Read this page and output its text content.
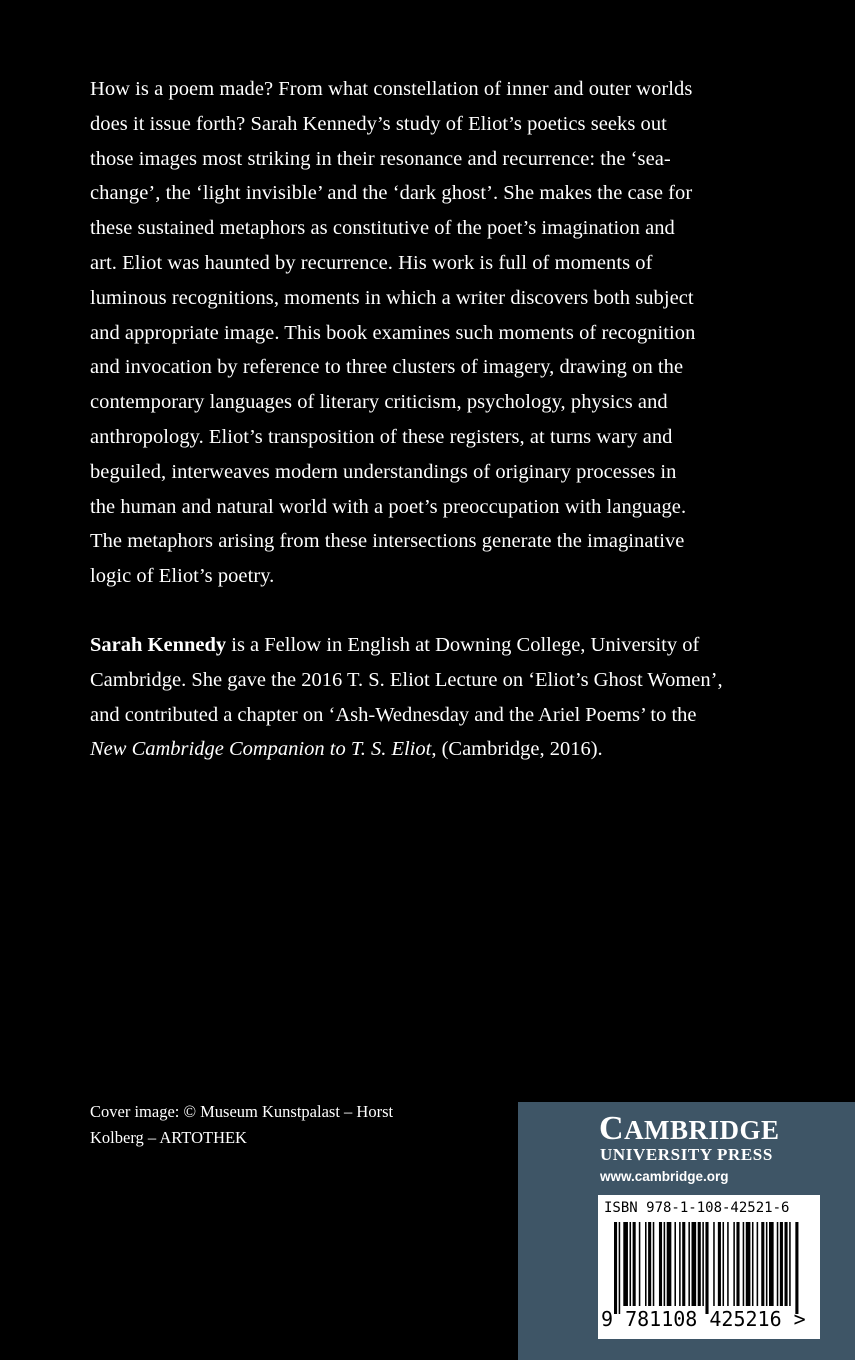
How is a poem made? From what constellation of inner and outer worlds
does it issue forth? Sarah Kennedy’s study of Eliot’s poetics seeks out
those images most striking in their resonance and recurrence: the ‘sea-
change’, the ‘light invisible’ and the ‘dark ghost’. She makes the case for
these sustained metaphors as constitutive of the poet’s imagination and
art. Eliot was haunted by recurrence. His work is full of moments of
luminous recognitions, moments in which a writer discovers both subject
and appropriate image. This book examines such moments of recognition
and invocation by reference to three clusters of imagery, drawing on the
contemporary languages of literary criticism, psychology, physics and
anthropology. Eliot’s transposition of these registers, at turns wary and
beguiled, interweaves modern understandings of originary processes in
the human and natural world with a poet’s preoccupation with language.
The metaphors arising from these intersections generate the imaginative
logic of Eliot’s poetry.

Sarah Kennedy is a Fellow in English at Downing College, University of
Cambridge. She gave the 2016 T. S. Eliot Lecture on ‘Eliot’s Ghost Women’,
and contributed a chapter on ‘Ash-Wednesday and the Ariel Poems’ to the
New Cambridge Companion to T. S. Eliot, (Cambridge, 2016).

Cover image: © Museum Kunstpalast – Horst
Kolberg – ARTOTHEK	CAMBRIDGE
UNIVERSITY PRESS
www.cambridge.org
ISBN 978-1-108-42521-6
9 781108 425216 >
